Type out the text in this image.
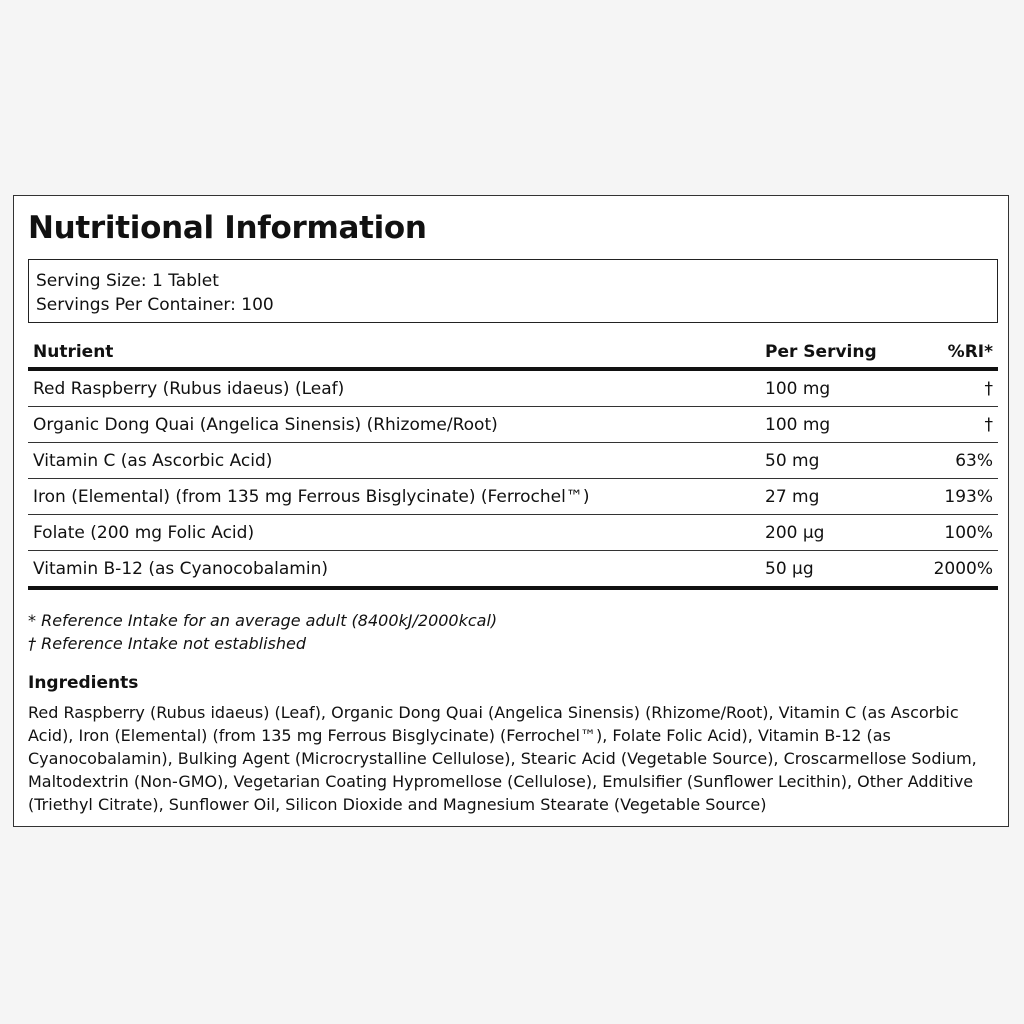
Nutritional Information
Serving Size: 1 Tablet
Servings Per Container: 100
Nutrient	Per Serving	%RI*
Red Raspberry (Rubus idaeus) (Leaf)	100 mg	†
Organic Dong Quai (Angelica Sinensis) (Rhizome/Root)	100 mg	†
Vitamin C (as Ascorbic Acid)	50 mg	63%
Iron (Elemental) (from 135 mg Ferrous Bisglycinate) (Ferrochel™)	27 mg	193%
Folate (200 mg Folic Acid)	200 µg	100%
Vitamin B-12 (as Cyanocobalamin)	50 µg	2000%
* Reference Intake for an average adult (8400kJ/2000kcal)
† Reference Intake not established
Ingredients
Red Raspberry (Rubus idaeus) (Leaf), Organic Dong Quai (Angelica Sinensis) (Rhizome/Root), Vitamin C (as Ascorbic Acid), Iron (Elemental) (from 135 mg Ferrous Bisglycinate) (Ferrochel™), Folate Folic Acid), Vitamin B-12 (as Cyanocobalamin), Bulking Agent (Microcrystalline Cellulose), Stearic Acid (Vegetable Source), Croscarmellose Sodium, Maltodextrin (Non-GMO), Vegetarian Coating Hypromellose (Cellulose), Emulsifier (Sunflower Lecithin), Other Additive (Triethyl Citrate), Sunflower Oil, Silicon Dioxide and Magnesium Stearate (Vegetable Source)
